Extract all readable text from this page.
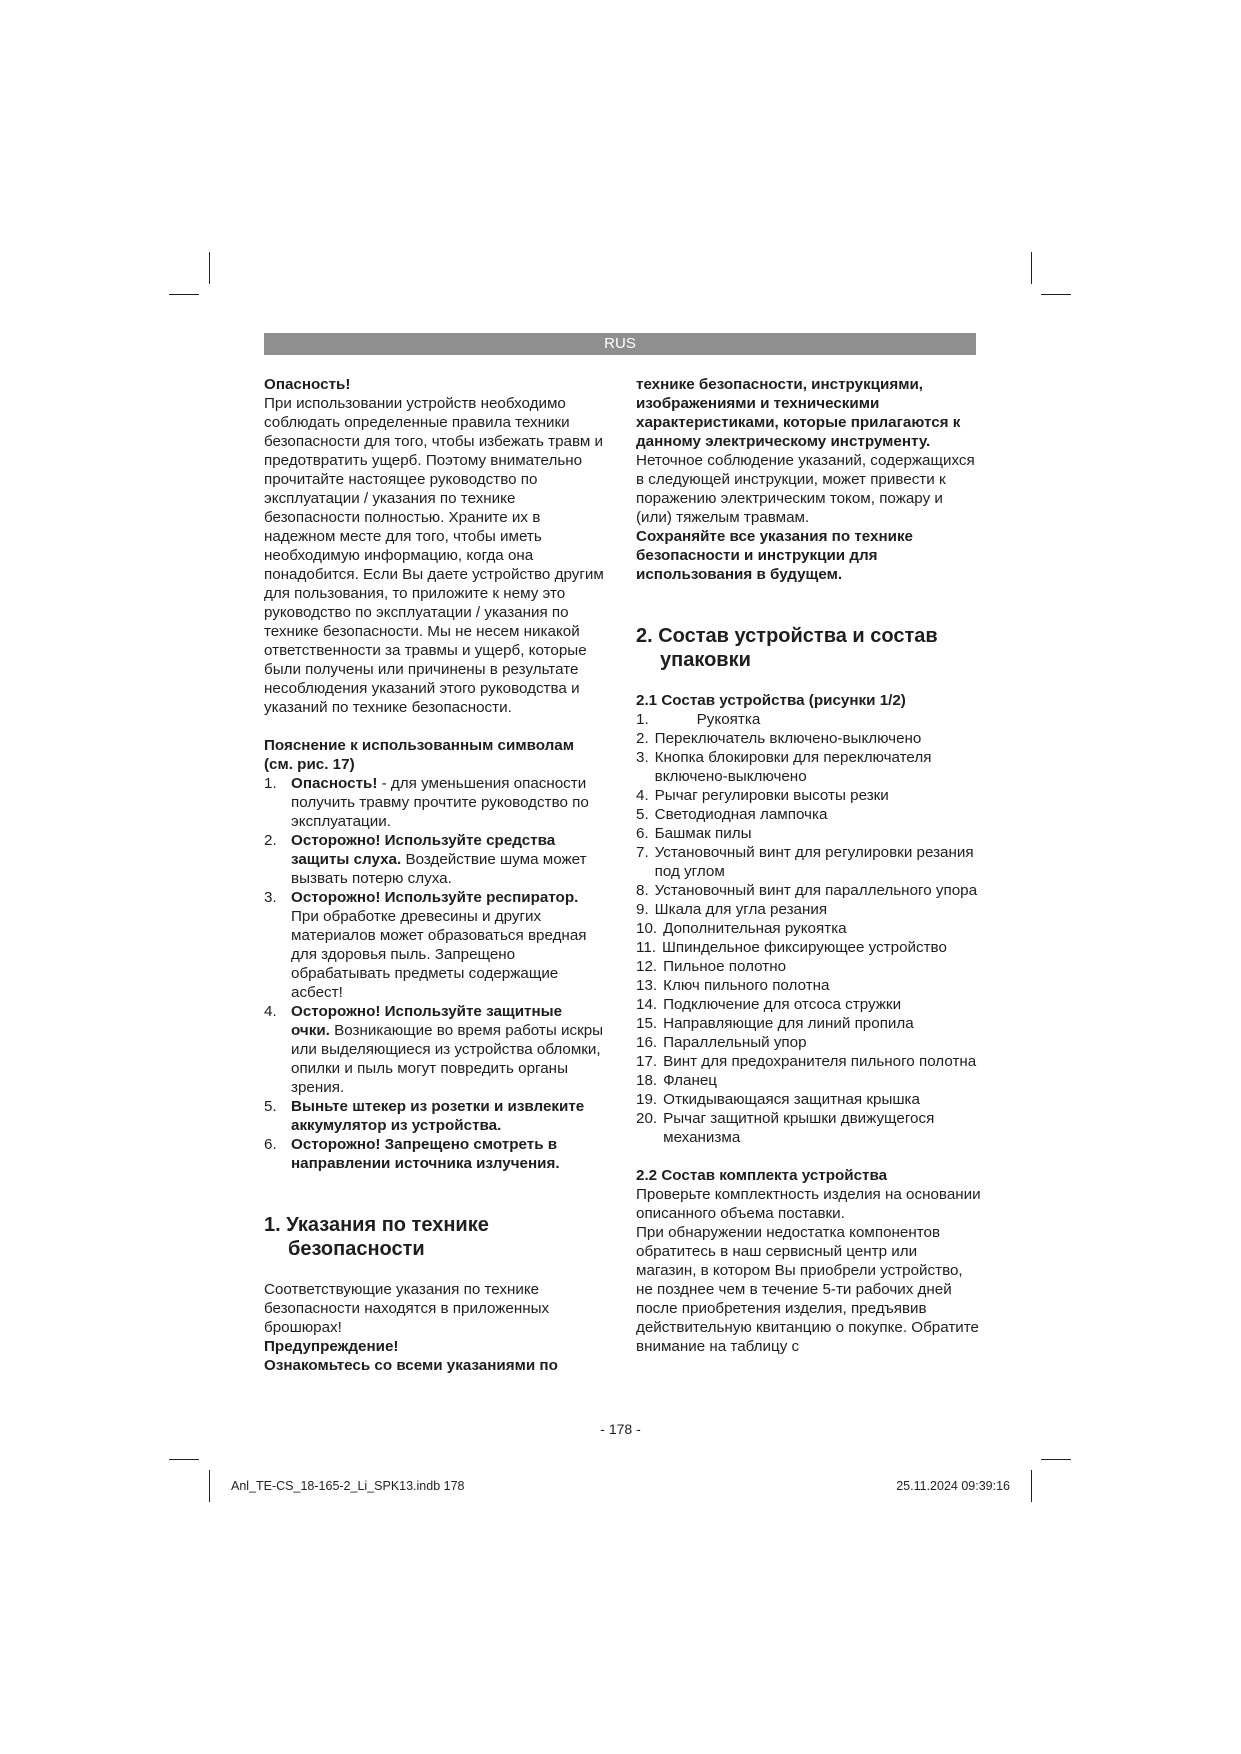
RUS

Опасность!

При использовании устройств необходимо соблюдать определенные правила техники безопасности для того, чтобы избежать травм и предотвратить ущерб. Поэтому внимательно прочитайте настоящее руководство по эксплуатации / указания по технике безопасности полностью. Храните их в надежном месте для того, чтобы иметь необходимую информацию, когда она понадобится. Если Вы даете устройство другим для пользования, то приложите к нему это руководство по эксплуатации / указания по технике безопасности. Мы не несем никакой ответственности за травмы и ущерб, которые были получены или причинены в результате несоблюдения указаний этого руководства и указаний по технике безопасности.

Пояснение к использованным символам (см. рис. 17)

1. Опасность! - для уменьшения опасности получить травму прочтите руководство по эксплуатации.
2. Осторожно! Используйте средства защиты слуха. Воздействие шума может вызвать потерю слуха.
3. Осторожно! Используйте респиратор. При обработке древесины и других материалов может образоваться вредная для здоровья пыль. Запрещено обрабатывать предметы содержащие асбест!
4. Осторожно! Используйте защитные очки. Возникающие во время работы искры или выделяющиеся из устройства обломки, опилки и пыль могут повредить органы зрения.
5. Выньте штекер из розетки и извлеките аккумулятор из устройства.
6. Осторожно! Запрещено смотреть в направлении источника излучения.
1. Указания по технике безопасности

Соответствующие указания по технике безопасности находятся в приложенных брошюрах!

Предупреждение!

Ознакомьтесь со всеми указаниями по

технике безопасности, инструкциями, изображениями и техническими характеристиками, которые прилагаются к данному электрическому инструменту.

Неточное соблюдение указаний, содержащихся в следующей инструкции, может привести к поражению электрическим током, пожару и (или) тяжелым травмам.

Сохраняйте все указания по технике безопасности и инструкции для использования в будущем.

2. Состав устройства и состав упаковки

2.1 Состав устройства (рисунки 1/2)

1.	Рукоятка
2. Переключатель включено-выключено
3. Кнопка блокировки для переключателя включено-выключено
4. Рычаг регулировки высоты резки
5. Светодиодная лампочка
6. Башмак пилы
7. Установочный винт для регулировки резания под углом
8. Установочный винт для параллельного упора
9. Шкала для угла резания
10. Дополнительная рукоятка
11. Шпиндельное фиксирующее устройство
12. Пильное полотно
13. Ключ пильного полотна
14. Подключение для отсоса стружки
15. Направляющие для линий пропила
16. Параллельный упор
17. Винт для предохранителя пильного полотна
18. Фланец
19. Откидывающаяся защитная крышка
20. Рычаг защитной крышки движущегося механизма

2.2 Состав комплекта устройства

Проверьте комплектность изделия на основании описанного объема поставки.

При обнаружении недостатка компонентов обратитесь в наш сервисный центр или магазин, в котором Вы приобрели устройство, не позднее чем в течение 5-ти рабочих дней после приобретения изделия, предъявив действительную квитанцию о покупке. Обратите внимание на таблицу с

- 178 -
Anl_TE-CS_18-165-2_Li_SPK13.indb 178	25.11.2024 09:39:16
